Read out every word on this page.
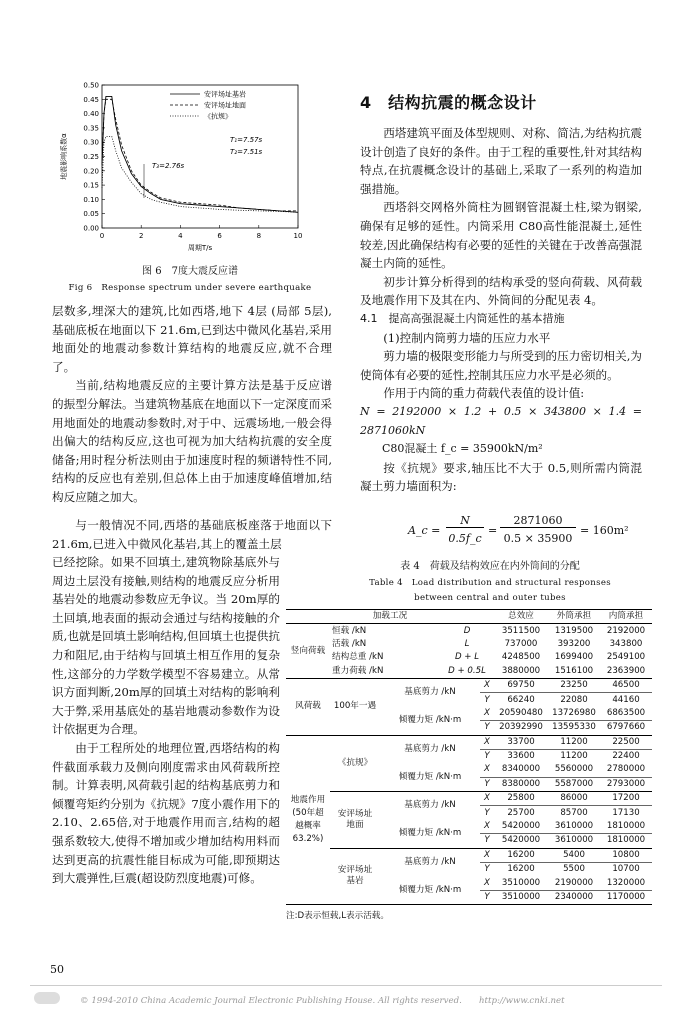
0.00
0.05
0.10
0.15
0.20
0.25
0.30
0.35
0.40
0.45
0.50
0	2	4	6	8	10
周期T/s
地震影响系数α
安评场址基岩
安评场址地面
《抗规》
T₁=7.57s
T₂=7.51s
T₃=2.76s
图 6　7度大震反应谱
Fig 6　Response spectrum under severe earthquake

层数多,埋深大的建筑,比如西塔,地下 4层 (局部 5层),基础底板在地面以下 21.6m,已到达中微风化基岩,采用地面处的地震动参数计算结构的地震反应,就不合理了。

当前,结构地震反应的主要计算方法是基于反应谱的振型分解法。当建筑物基底在地面以下一定深度而采用地面处的地震动参数时,对于中、远震场地,一般会得出偏大的结构反应,这也可视为加大结构抗震的安全度储备;用时程分析法则由于加速度时程的频谱特性不同,结构的反应也有差别,但总体上由于加速度峰值增加,结构反应随之加大。

与一般情况不同,西塔的基础底板座落于地面以下 21.6m,已进入中微风化基岩,其上的覆盖土层

已经挖除。如果不回填土,建筑物除基底外与周边土层没有接触,则结构的地震反应分析用基岩处的地震动参数应无争议。当 20m厚的土回填,地表面的振动会通过与结构接触的介质,也就是回填土影响结构,但回填土也提供抗力和阻尼,由于结构与回填土相互作用的复杂性,这部分的力学数学模型不容易建立。从常识方面判断,20m厚的回填土对结构的影响利大于弊,采用基底处的基岩地震动参数作为设计依据更为合理。

由于工程所处的地理位置,西塔结构的构件截面承载力及侧向刚度需求由风荷载所控制。计算表明,风荷载引起的结构基底剪力和倾覆弯矩约分别为《抗规》7度小震作用下的 2.10、2.65倍,对于地震作用而言,结构的超强系数较大,使得不增加或少增加结构用料而达到更高的抗震性能目标成为可能,即预期达到大震弹性,巨震(超设防烈度地震)可修。

4　结构抗震的概念设计

西塔建筑平面及体型规则、对称、简洁,为结构抗震设计创造了良好的条件。由于工程的重要性,针对其结构特点,在抗震概念设计的基础上,采取了一系列的构造加强措施。

西塔斜交网格外筒柱为圆钢管混凝土柱,梁为钢梁,确保有足够的延性。内筒采用 C80高性能混凝土,延性较差,因此确保结构有必要的延性的关键在于改善高强混凝土内筒的延性。

初步计算分析得到的结构承受的竖向荷载、风荷载及地震作用下及其在内、外筒间的分配见表 4。

4.1　提高高强混凝土内筒延性的基本措施

(1)控制内筒剪力墙的压应力水平

剪力墙的极限变形能力与所受到的压力密切相关,为使筒体有必要的延性,控制其压应力水平是必须的。

作用于内筒的重力荷载代表值的设计值:

N = 2192000 × 1.2 + 0.5 × 343800 × 1.4 = 2871060kN

C80混凝土 f_c = 35900kN/m²

按《抗规》要求,轴压比不大于 0.5,则所需内筒混凝土剪力墙面积为:

A_c =
N
0.5f_c
=
2871060
0.5 × 35900
= 160m²
表 4　荷载及结构效应在内外筒间的分配
Table 4　Load distribution and structural responses
between central and outer tubes
加载工况					总效应	外筒承担	内筒承担
竖向荷载	恒载 /kN		D		3511500	1319500	2192000
	活载 /kN		L		737000	393200	343800
	结构总重 /kN		D + L		4248500	1699400	2549100
	重力荷载 /kN		D + 0.5L		3880000	1516100	2363900
风荷载	100年一遇	基底剪力 /kN		X	69750	23250	46500
				Y	66240	22080	44160
		倾覆力矩 /kN·m		X	20590480	13726980	6863500
				Y	20392990	13595330	6797660
地震作用
(50年超
越概率
63.2%)	《抗规》	基底剪力 /kN		X	33700	11200	22500
				Y	33600	11200	22400
		倾覆力矩 /kN·m		X	8340000	5560000	2780000
				Y	8380000	5587000	2793000
	安评场址
地面	基底剪力 /kN		X	25800	86000	17200
				Y	25700	85700	17130
		倾覆力矩 /kN·m		X	5420000	3610000	1810000
				Y	5420000	3610000	1810000
	安评场址
基岩	基底剪力 /kN		X	16200	5400	10800
				Y	16200	5500	10700
		倾覆力矩 /kN·m		X	3510000	2190000	1320000
				Y	3510000	2340000	1170000
注:D表示恒载,L表示活载。
50
© 1994-2010 China Academic Journal Electronic Publishing House. All rights reserved.　　http://www.cnki.net
